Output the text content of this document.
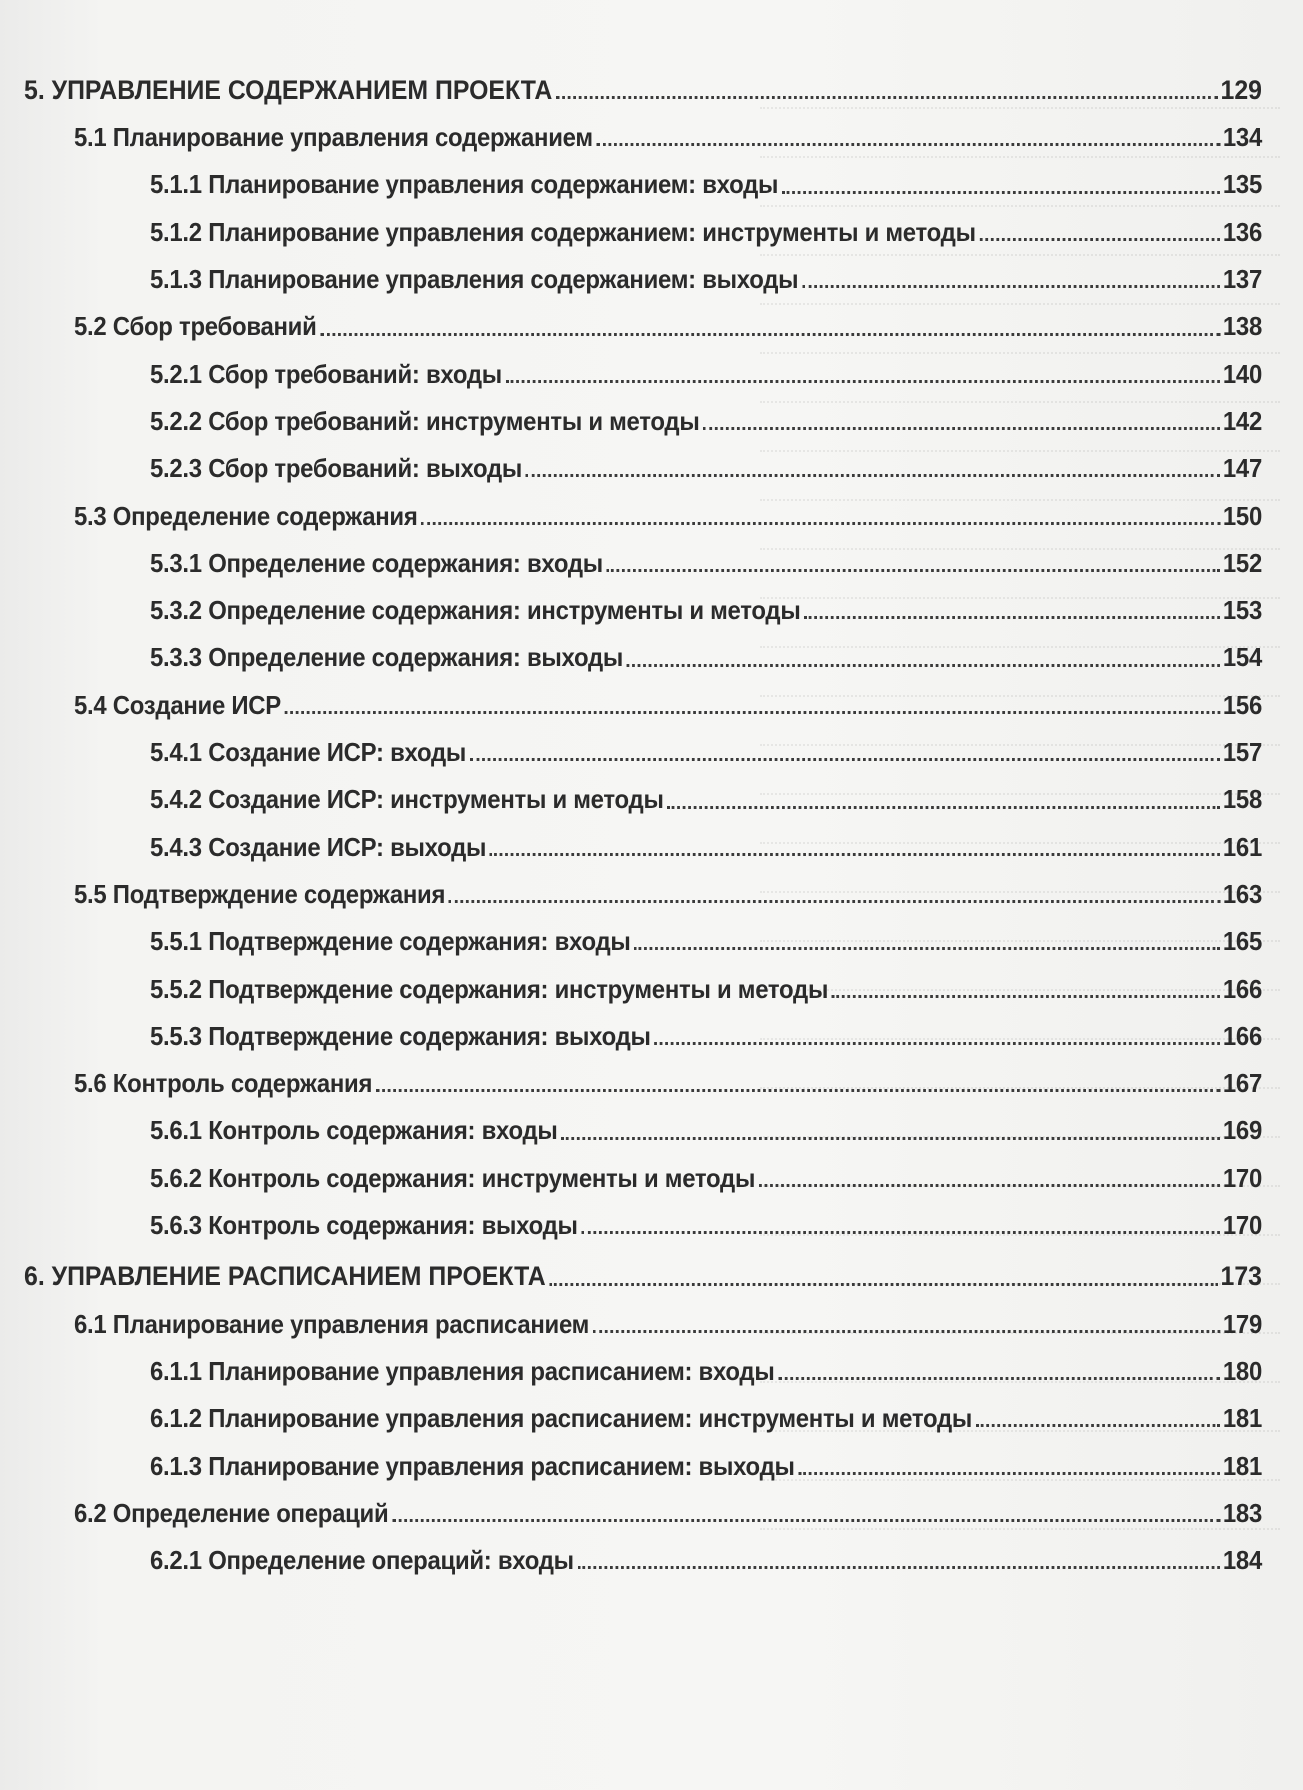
5. УПРАВЛЕНИЕ СОДЕРЖАНИЕМ ПРОЕКТА	129
5.1 Планирование управления содержанием	134
5.1.1 Планирование управления содержанием: входы	135
5.1.2 Планирование управления содержанием: инструменты и методы	136
5.1.3 Планирование управления содержанием: выходы	137
5.2 Сбор требований	138
5.2.1 Сбор требований: входы	140
5.2.2 Сбор требований: инструменты и методы	142
5.2.3 Сбор требований: выходы	147
5.3 Определение содержания	150
5.3.1 Определение содержания: входы	152
5.3.2 Определение содержания: инструменты и методы	153
5.3.3 Определение содержания: выходы	154
5.4 Создание ИСР	156
5.4.1 Создание ИСР: входы	157
5.4.2 Создание ИСР: инструменты и методы	158
5.4.3 Создание ИСР: выходы	161
5.5 Подтверждение содержания	163
5.5.1 Подтверждение содержания: входы	165
5.5.2 Подтверждение содержания: инструменты и методы	166
5.5.3 Подтверждение содержания: выходы	166
5.6 Контроль содержания	167
5.6.1 Контроль содержания: входы	169
5.6.2 Контроль содержания: инструменты и методы	170
5.6.3 Контроль содержания: выходы	170
6. УПРАВЛЕНИЕ РАСПИСАНИЕМ ПРОЕКТА	173
6.1 Планирование управления расписанием	179
6.1.1 Планирование управления расписанием: входы	180
6.1.2 Планирование управления расписанием: инструменты и методы	181
6.1.3 Планирование управления расписанием: выходы	181
6.2 Определение операций	183
6.2.1 Определение операций: входы	184
